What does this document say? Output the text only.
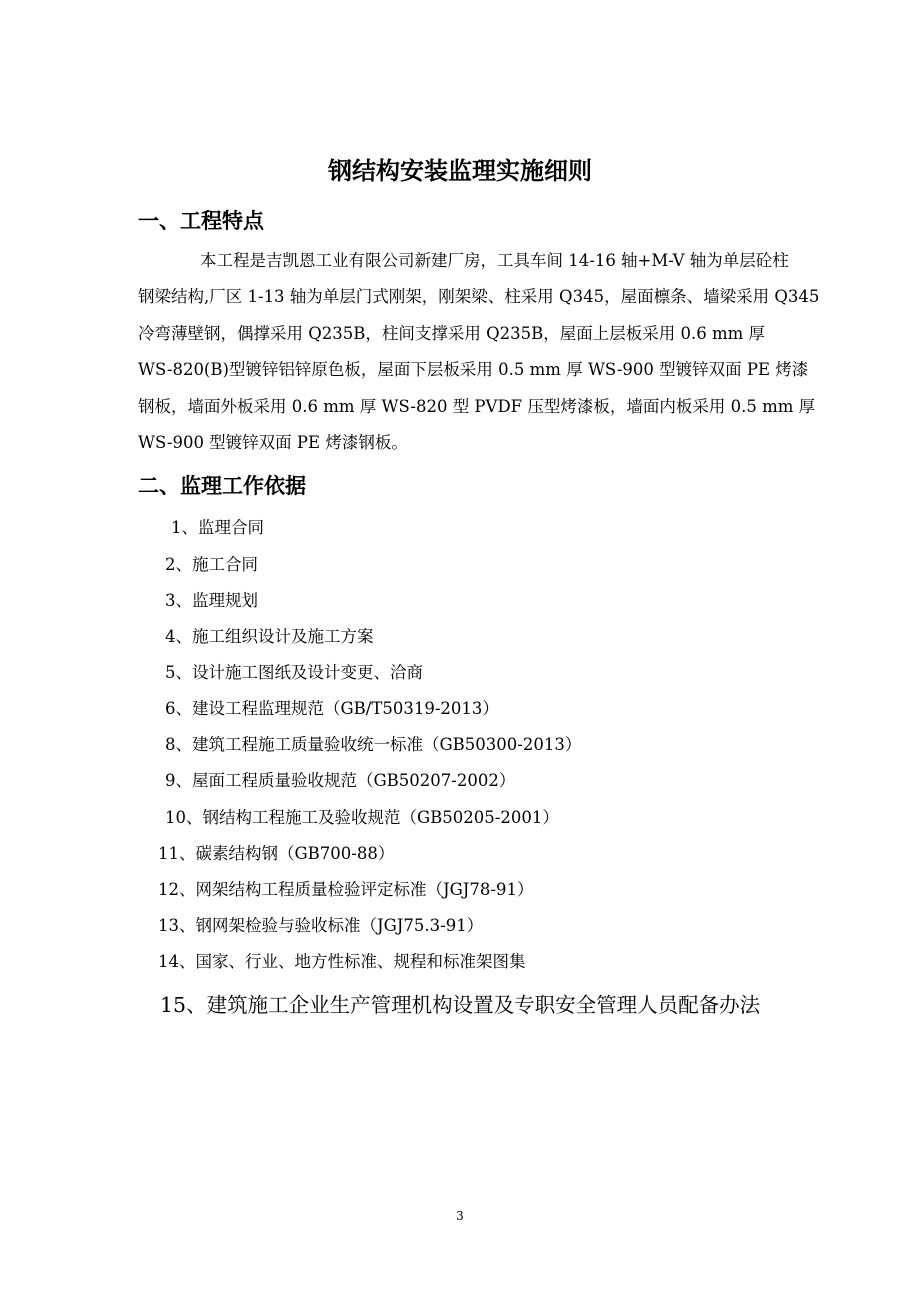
钢结构安装监理实施细则
一、工程特点
本工程是吉凯恩工业有限公司新建厂房，工具车间 14-16 轴+M-V 轴为单层砼柱
钢梁结构,厂区 1-13 轴为单层门式刚架，刚架梁、柱采用 Q345，屋面檩条、墙梁采用 Q345
冷弯薄壁钢，偶撑采用 Q235B，柱间支撑采用 Q235B，屋面上层板采用 0.6 mm 厚
WS-820(B)型镀锌铝锌原色板，屋面下层板采用 0.5 mm 厚 WS-900 型镀锌双面 PE 烤漆
钢板，墙面外板采用 0.6 mm 厚 WS-820 型 PVDF 压型烤漆板，墙面内板采用 0.5 mm 厚
WS-900 型镀锌双面 PE 烤漆钢板。
二、监理工作依据
1、监理合同
2、施工合同
3、监理规划
4、施工组织设计及施工方案
5、设计施工图纸及设计变更、洽商
6、建设工程监理规范（GB/T50319-2013）
8、建筑工程施工质量验收统一标准（GB50300-2013）
9、屋面工程质量验收规范（GB50207-2002）
10、钢结构工程施工及验收规范（GB50205-2001）
11、碳素结构钢（GB700-88）
12、网架结构工程质量检验评定标准（JGJ78-91）
13、钢网架检验与验收标准（JGJ75.3-91）
14、国家、行业、地方性标准、规程和标准架图集
15、建筑施工企业生产管理机构设置及专职安全管理人员配备办法
3
